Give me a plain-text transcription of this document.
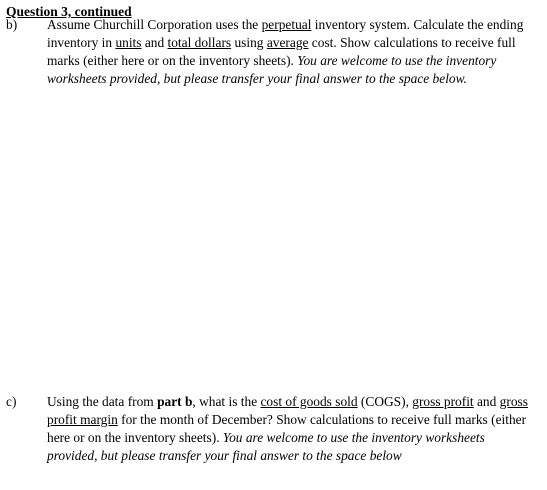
Question 3, continued
b) Assume Churchill Corporation uses the perpetual inventory system. Calculate the ending
inventory in units and total dollars using average cost. Show calculations to receive full
marks (either here or on the inventory sheets). You are welcome to use the inventory
worksheets provided, but please transfer your final answer to the space below.
c) Using the data from part b, what is the cost of goods sold (COGS), gross profit and gross
profit margin for the month of December? Show calculations to receive full marks (either
here or on the inventory sheets). You are welcome to use the inventory worksheets
provided, but please transfer your final answer to the space below
